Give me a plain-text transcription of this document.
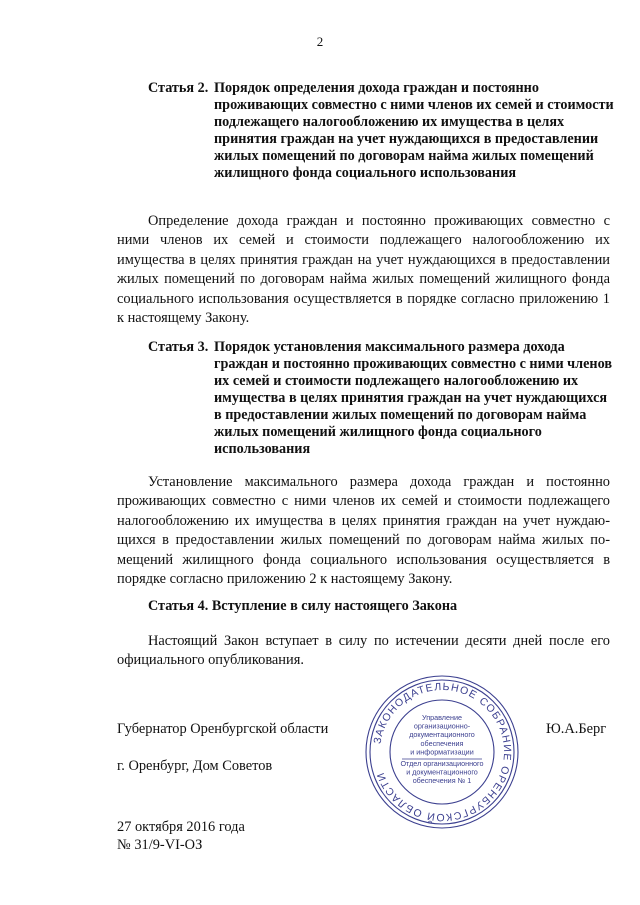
2
Статья 2. Порядок определения дохода граждан и постоянно проживающих совместно с ними членов их семей и стоимости подлежащего налогообложению их имущества в целях принятия граждан на учет нуждающихся в предоставлении жилых помещений по договорам найма жилых помещений жилищного фонда социального использования
Определение дохода граждан и постоянно проживающих совместно с ними членов их семей и стоимости подлежащего налогообложению их имущества в целях принятия граждан на учет нуждающихся в предоставлении жилых помещений по договорам найма жилых помещений жилищного фонда социального использования осуществляется в порядке согласно приложению 1 к настоящему Закону.
Статья 3. Порядок установления максимального размера дохода граждан и постоянно проживающих совместно с ними членов их семей и стоимости подлежащего налогообложению их имущества в целях принятия граждан на учет нуждающихся в предоставлении жилых помещений по договорам найма жилых помещений жилищного фонда социального использования
Установление максимального размера дохода граждан и постоянно проживающих совместно с ними членов их семей и стоимости подлежащего налогообложению их имущества в целях принятия граждан на учет нуждающихся в предоставлении жилых помещений по договорам найма жилых помещений жилищного фонда социального использования осуществляется в порядке согласно приложению 2 к настоящему Закону.
Статья 4. Вступление в силу настоящего Закона
Настоящий Закон вступает в силу по истечении десяти дней после его официального опубликования.
Губернатор Оренбургской области	Ю.А.Берг
г. Оренбург, Дом Советов
27 октября 2016 года
№ 31/9-VI-ОЗ
ЗАКОНОДАТЕЛЬНОЕ СОБРАНИЕ ОРЕНБУРГСКОЙ ОБЛАСТИ
Управление
организационно-
документационного
обеспечения
и информатизации
Отдел организационного
и документационного
обеспечения № 1
